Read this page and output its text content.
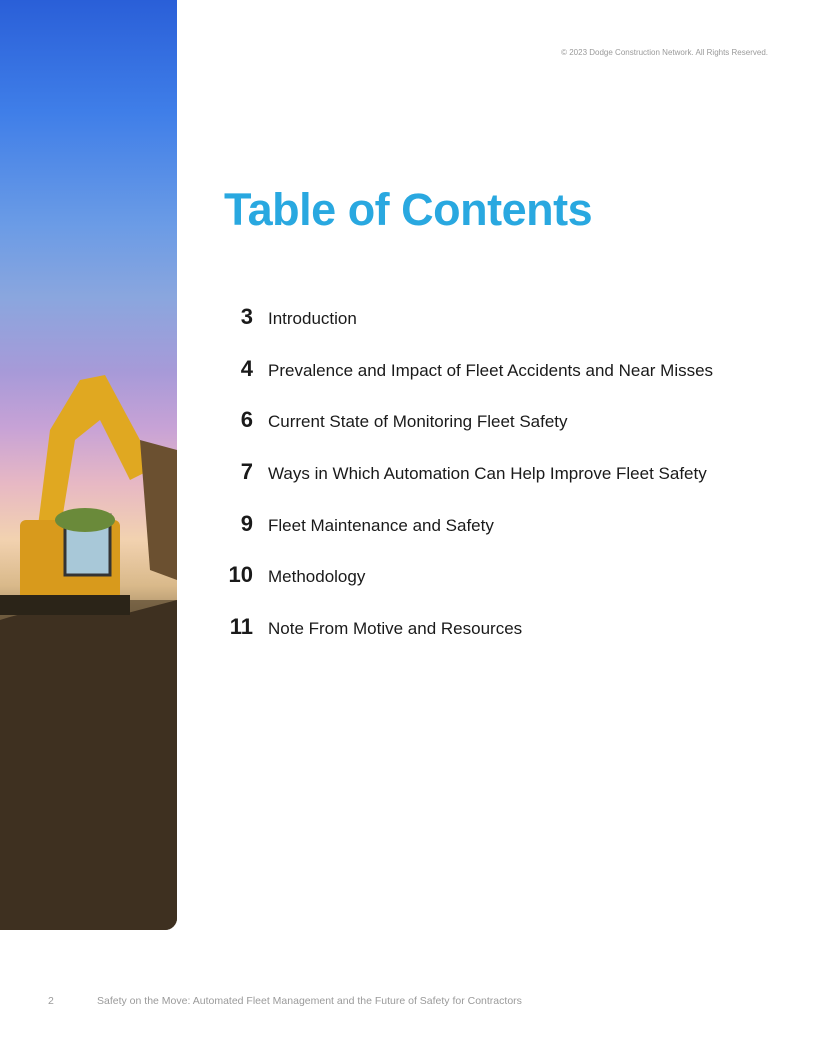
© 2023 Dodge Construction Network. All Rights Reserved.
Table of Contents
3 Introduction
4 Prevalence and Impact of Fleet Accidents and Near Misses
6 Current State of Monitoring Fleet Safety
7 Ways in Which Automation Can Help Improve Fleet Safety
9 Fleet Maintenance and Safety
10 Methodology
11 Note From Motive and Resources
2	Safety on the Move: Automated Fleet Management and the Future of Safety for Contractors
